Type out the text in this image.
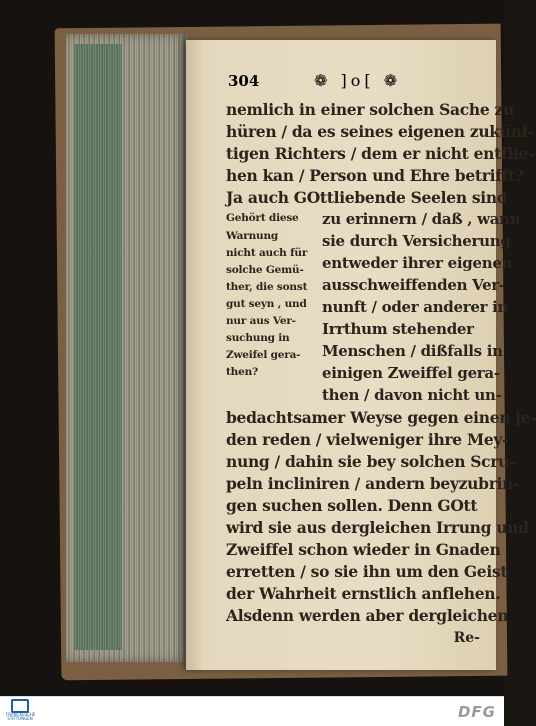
304	❁ ]o[ ❁
nemlich in einer solchen Sache zu
hüren / da es seines eigenen zukünf-
tigen Richters / dem er nicht entflie-
hen kan / Person und Ehre betrifft?
Ja auch GOttliebende Seelen sind
Gehört diese
Warnung
nicht auch für
solche Gemü-
ther, die sonst
gut seyn , und
nur aus Ver-
suchung in
Zweifel gera-
then?
zu erinnern / daß , wann
sie durch Versicherung
entweder ihrer eigenen
ausschweiffenden Ver-
nunft / oder anderer in
Irrthum stehender
Menschen / dißfalls in
einigen Zweiffel gera-
then / davon nicht un-
bedachtsamer Weyse gegen einen je-
den reden / vielweniger ihre Mey-
nung / dahin sie bey solchen Scru-
peln incliniren / andern beyzubrin-
gen suchen sollen. Denn GOtt
wird sie aus dergleichen Irrung und
Zweiffel schon wieder in Gnaden
erretten / so sie ihn um den Geist
der Wahrheit ernstlich anflehen.
Alsdenn werden aber dergleichen
Re-
FRANCKESCHE STIFTUNGEN	DFG
